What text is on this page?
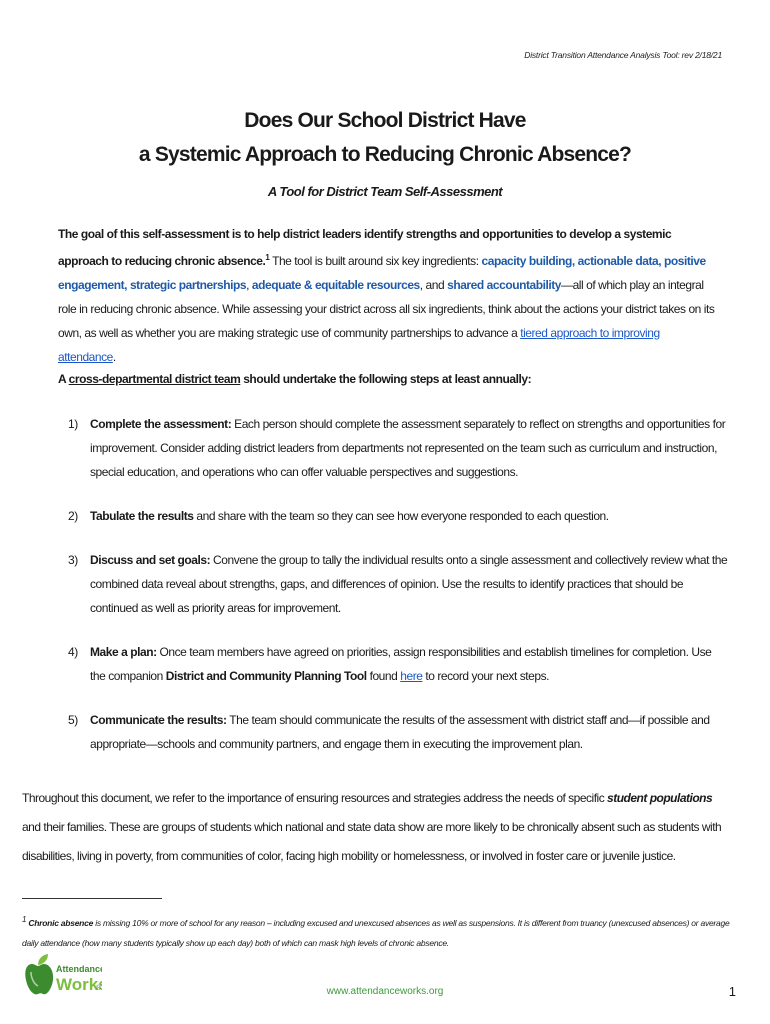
District Transition Attendance Analysis Tool: rev 2/18/21
Does Our School District Have
a Systemic Approach to Reducing Chronic Absence?
A Tool for District Team Self-Assessment
The goal of this self-assessment is to help district leaders identify strengths and opportunities to develop a systemic approach to reducing chronic absence.$^1$ The tool is built around six key ingredients: capacity building, actionable data, positive engagement, strategic partnerships, adequate & equitable resources, and shared accountability—all of which play an integral role in reducing chronic absence. While assessing your district across all six ingredients, think about the actions your district takes on its own, as well as whether you are making strategic use of community partnerships to advance a tiered approach to improving attendance.
A cross-departmental district team should undertake the following steps at least annually:
1) Complete the assessment: Each person should complete the assessment separately to reflect on strengths and opportunities for improvement. Consider adding district leaders from departments not represented on the team such as curriculum and instruction, special education, and operations who can offer valuable perspectives and suggestions.
2) Tabulate the results and share with the team so they can see how everyone responded to each question.
3) Discuss and set goals: Convene the group to tally the individual results onto a single assessment and collectively review what the combined data reveal about strengths, gaps, and differences of opinion. Use the results to identify practices that should be continued as well as priority areas for improvement.
4) Make a plan: Once team members have agreed on priorities, assign responsibilities and establish timelines for completion. Use the companion District and Community Planning Tool found here to record your next steps.
5) Communicate the results: The team should communicate the results of the assessment with district staff and—if possible and appropriate—schools and community partners, and engage them in executing the improvement plan.
Throughout this document, we refer to the importance of ensuring resources and strategies address the needs of specific student populations and their families. These are groups of students which national and state data show are more likely to be chronically absent such as students with disabilities, living in poverty, from communities of color, facing high mobility or homelessness, or involved in foster care or juvenile justice.
$^1$ Chronic absence is missing 10% or more of school for any reason – including excused and unexcused absences as well as suspensions. It is different from truancy (unexcused absences) or average daily attendance (how many students typically show up each day) both of which can mask high levels of chronic absence.
Attendance
Work
®	www.attendanceworks.org	1
